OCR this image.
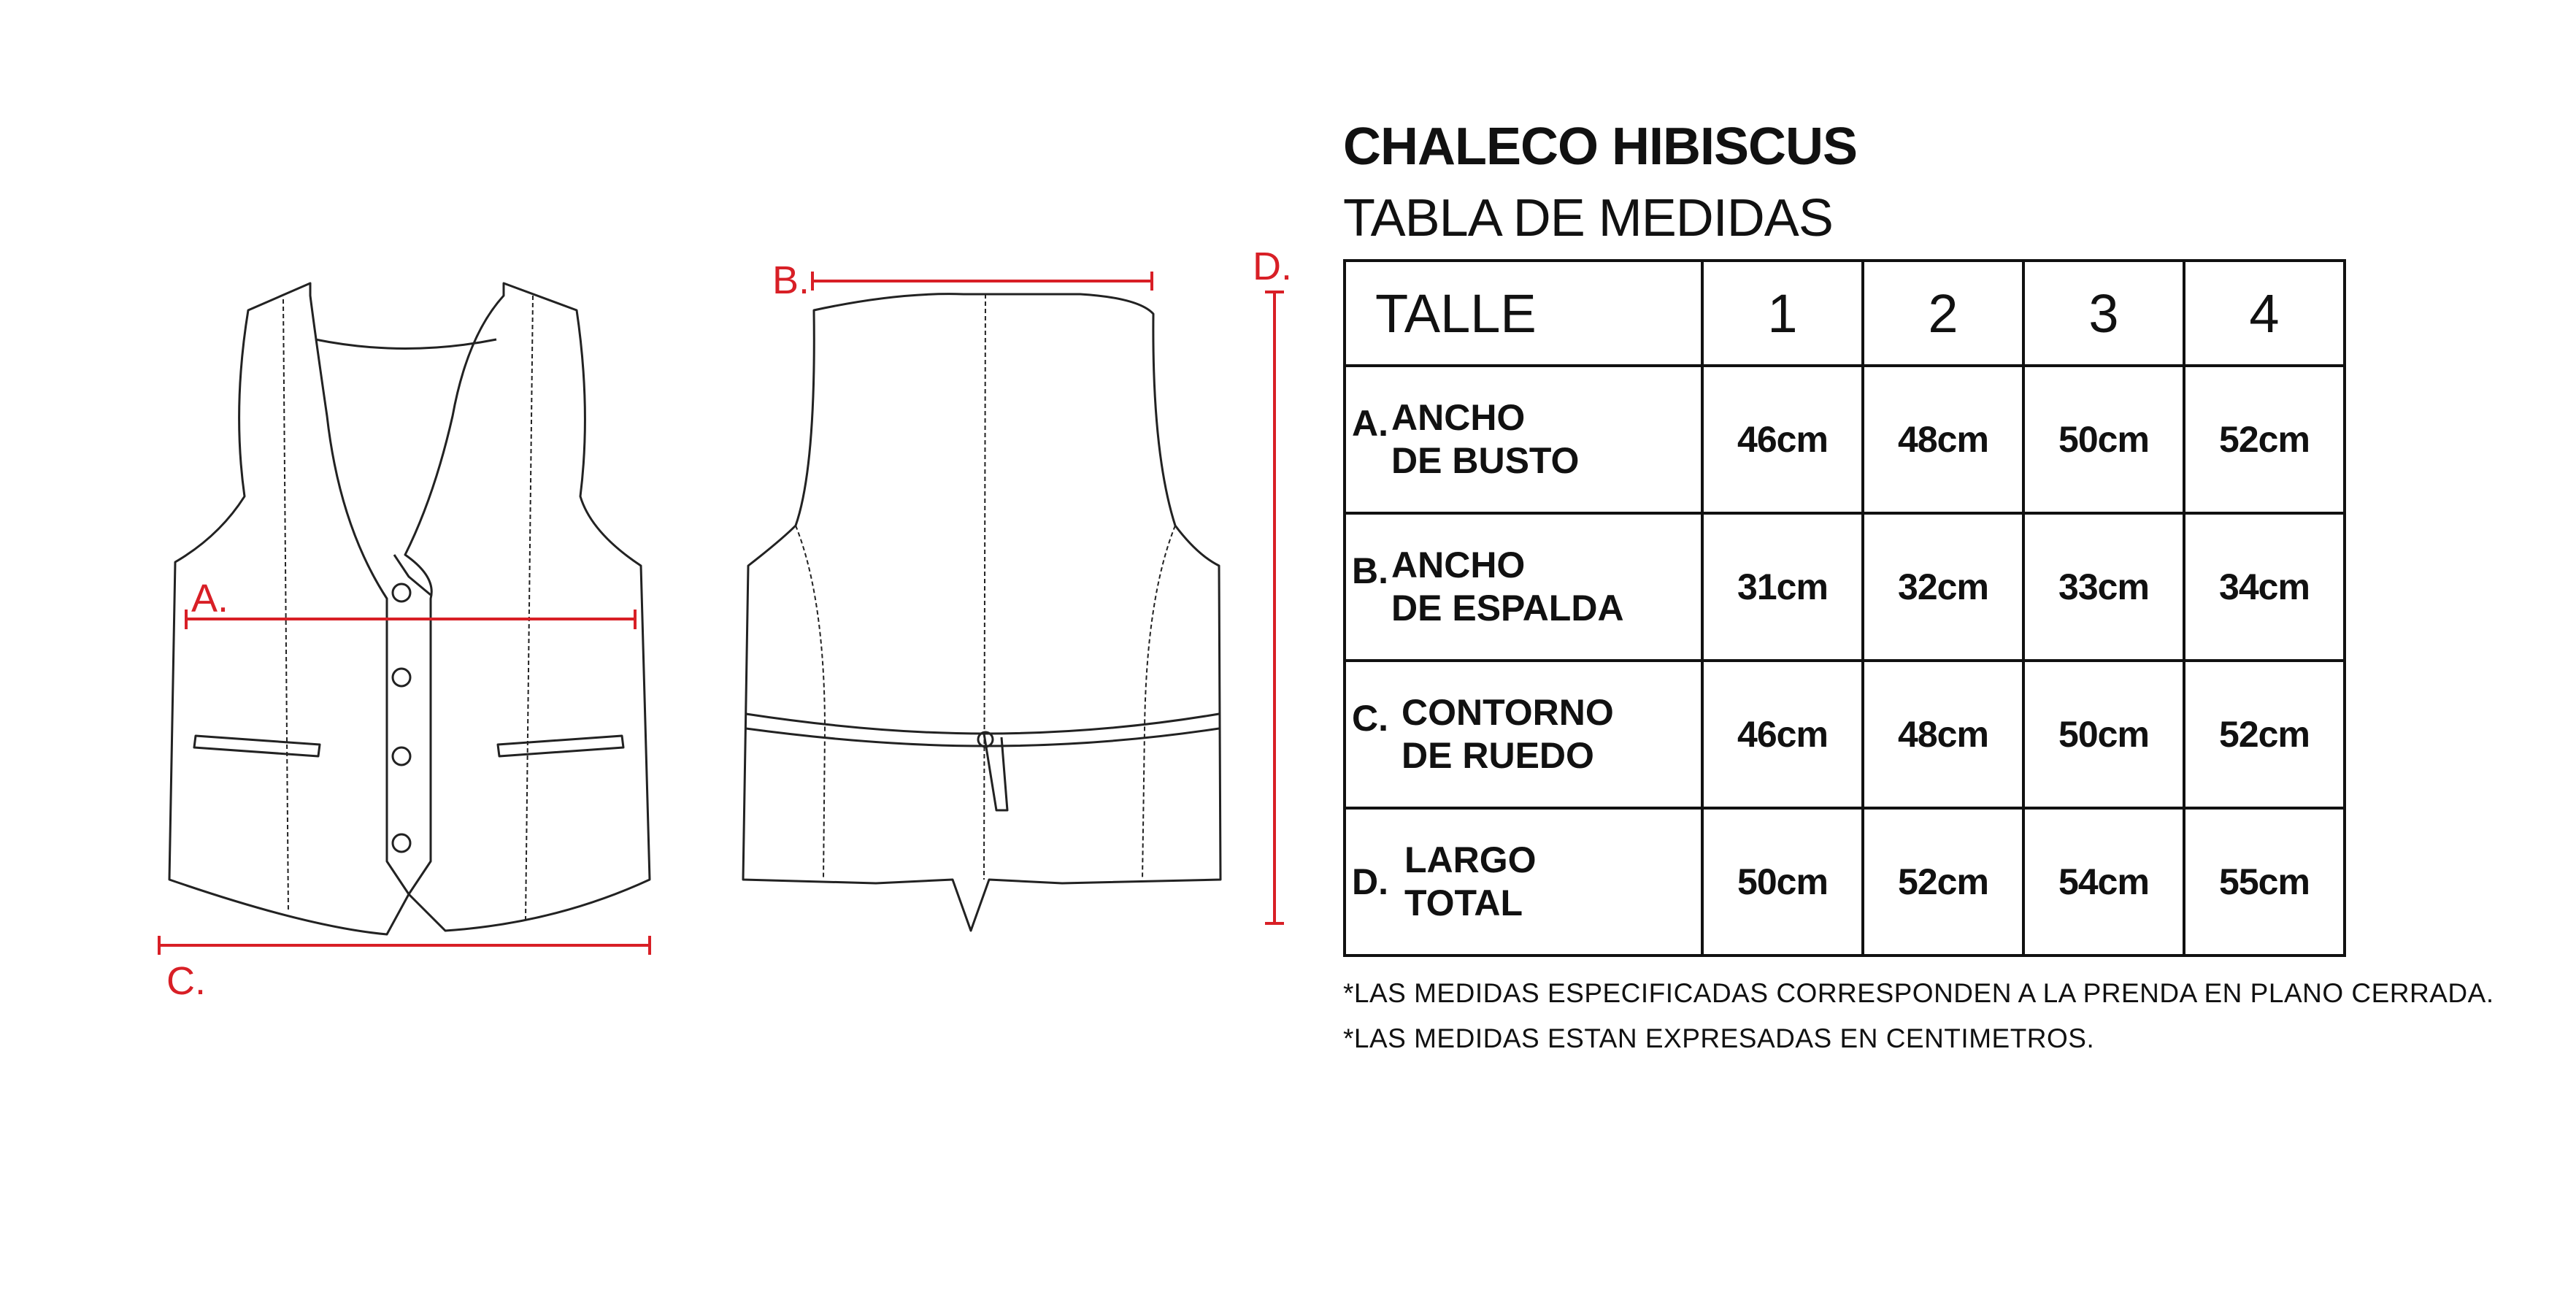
A.
B.
C.
D.
CHALECO HIBISCUS
TABLA DE MEDIDAS
TALLE	1	2	3	4

A. ANCHO
DE BUSTO	46cm	48cm	50cm	52cm

B. ANCHO
DE ESPALDA	31cm	32cm	33cm	34cm

C. CONTORNO
DE RUEDO	46cm	48cm	50cm	52cm

D.
LARGO
TOTAL	50cm	52cm	54cm	55cm

*LAS MEDIDAS ESPECIFICADAS CORRESPONDEN A LA PRENDA EN PLANO CERRADA.

*LAS MEDIDAS ESTAN EXPRESADAS EN CENTIMETROS.
